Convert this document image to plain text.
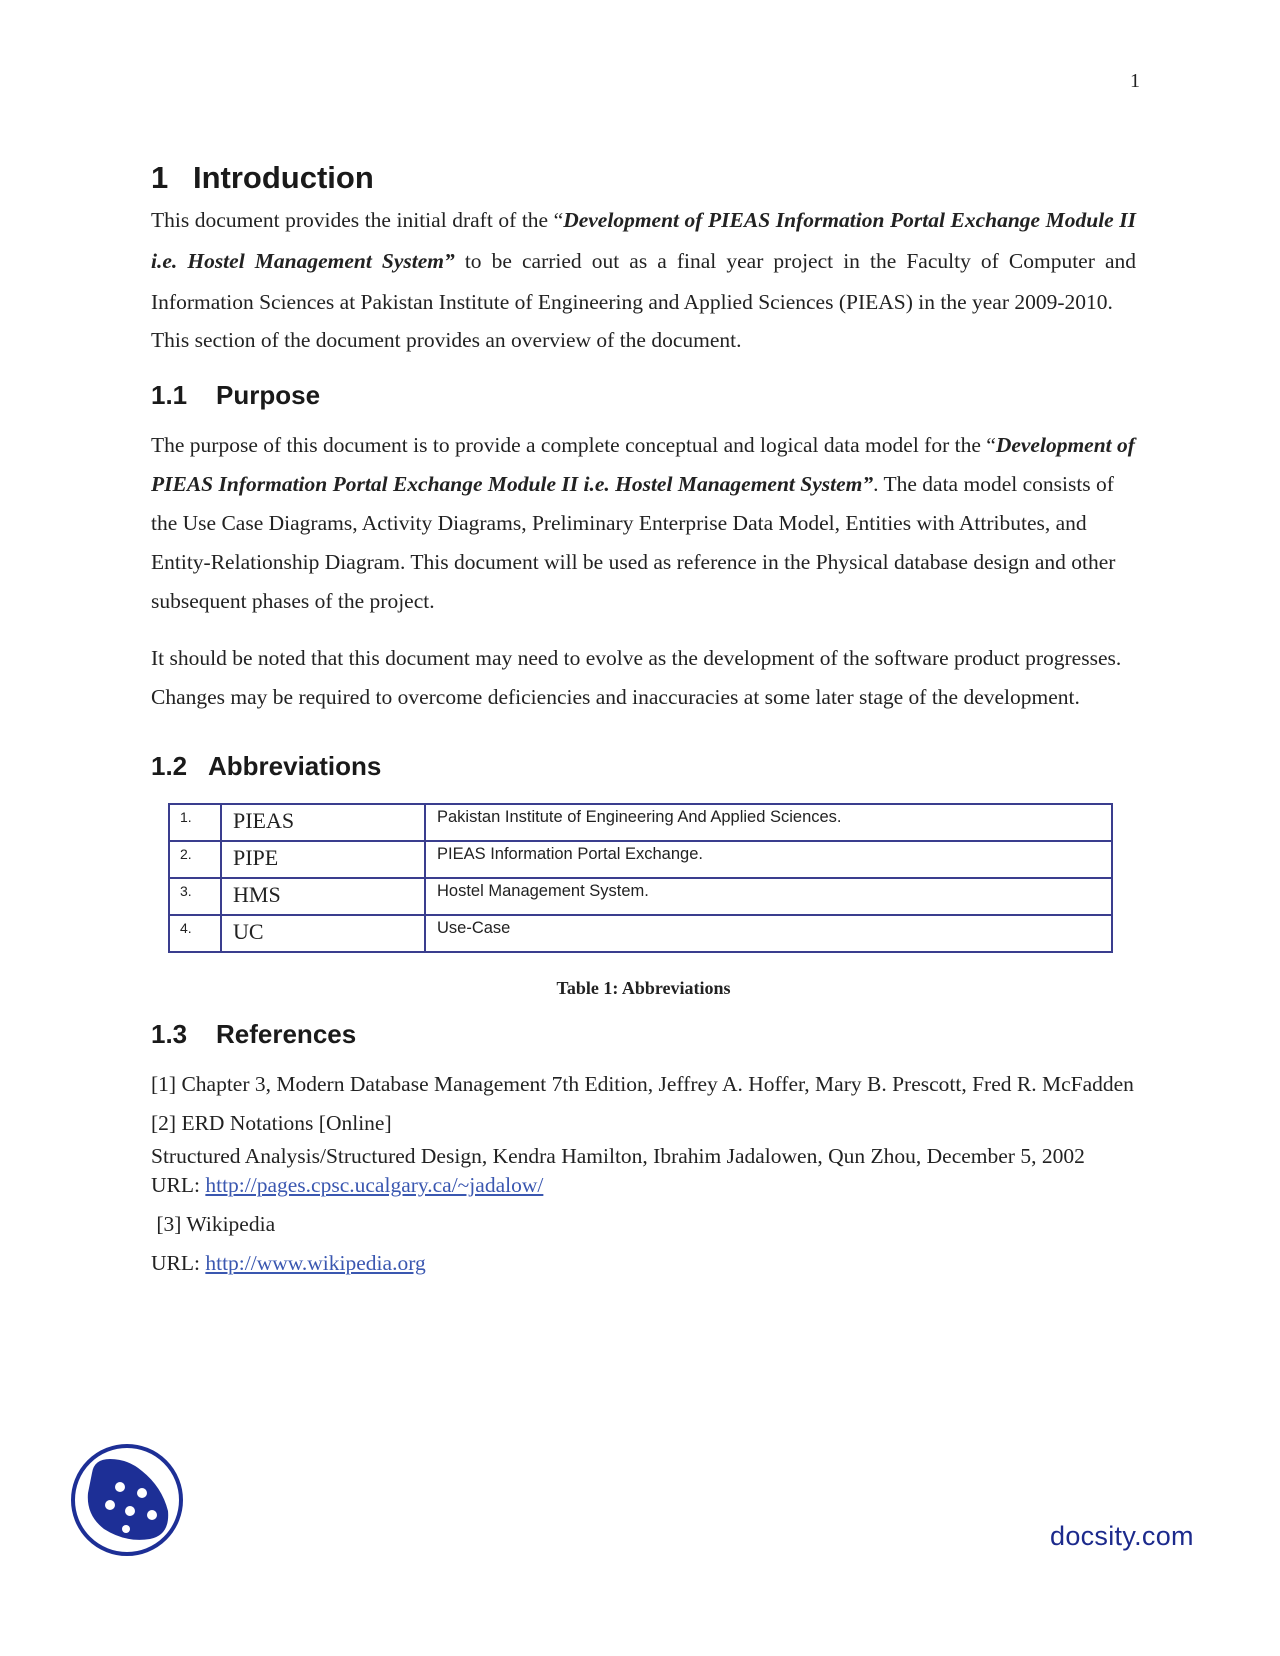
1
1 Introduction

This document provides the initial draft of the “Development of PIEAS Information Portal Exchange Module II i.e. Hostel Management System” to be carried out as a final year project in the Faculty of Computer and Information Sciences at Pakistan Institute of Engineering and Applied Sciences (PIEAS) in the year 2009-2010.

This section of the document provides an overview of the document.

1.1 Purpose

The purpose of this document is to provide a complete conceptual and logical data model for the “Development of PIEAS Information Portal Exchange Module II i.e. Hostel Management System”. The data model consists of the Use Case Diagrams, Activity Diagrams, Preliminary Enterprise Data Model, Entities with Attributes, and Entity-Relationship Diagram. This document will be used as reference in the Physical database design and other subsequent phases of the project.

It should be noted that this document may need to evolve as the development of the software product progresses. Changes may be required to overcome deficiencies and inaccuracies at some later stage of the development.

1.2 Abbreviations
1.	PIEAS	Pakistan Institute of Engineering And Applied Sciences.
2.	PIPE	PIEAS Information Portal Exchange.
3.	HMS	Hostel Management System.
4.	UC	Use-Case
Table 1: Abbreviations
1.3 References

[1] Chapter 3, Modern Database Management 7th Edition, Jeffrey A. Hoffer, Mary B. Prescott, Fred R. McFadden

[2] ERD Notations [Online]

Structured Analysis/Structured Design, Kendra Hamilton, Ibrahim Jadalowen, Qun Zhou, December 5, 2002

URL: http://pages.cpsc.ucalgary.ca/~jadalow/

[3] Wikipedia

URL: http://www.wikipedia.org

docsity.com
